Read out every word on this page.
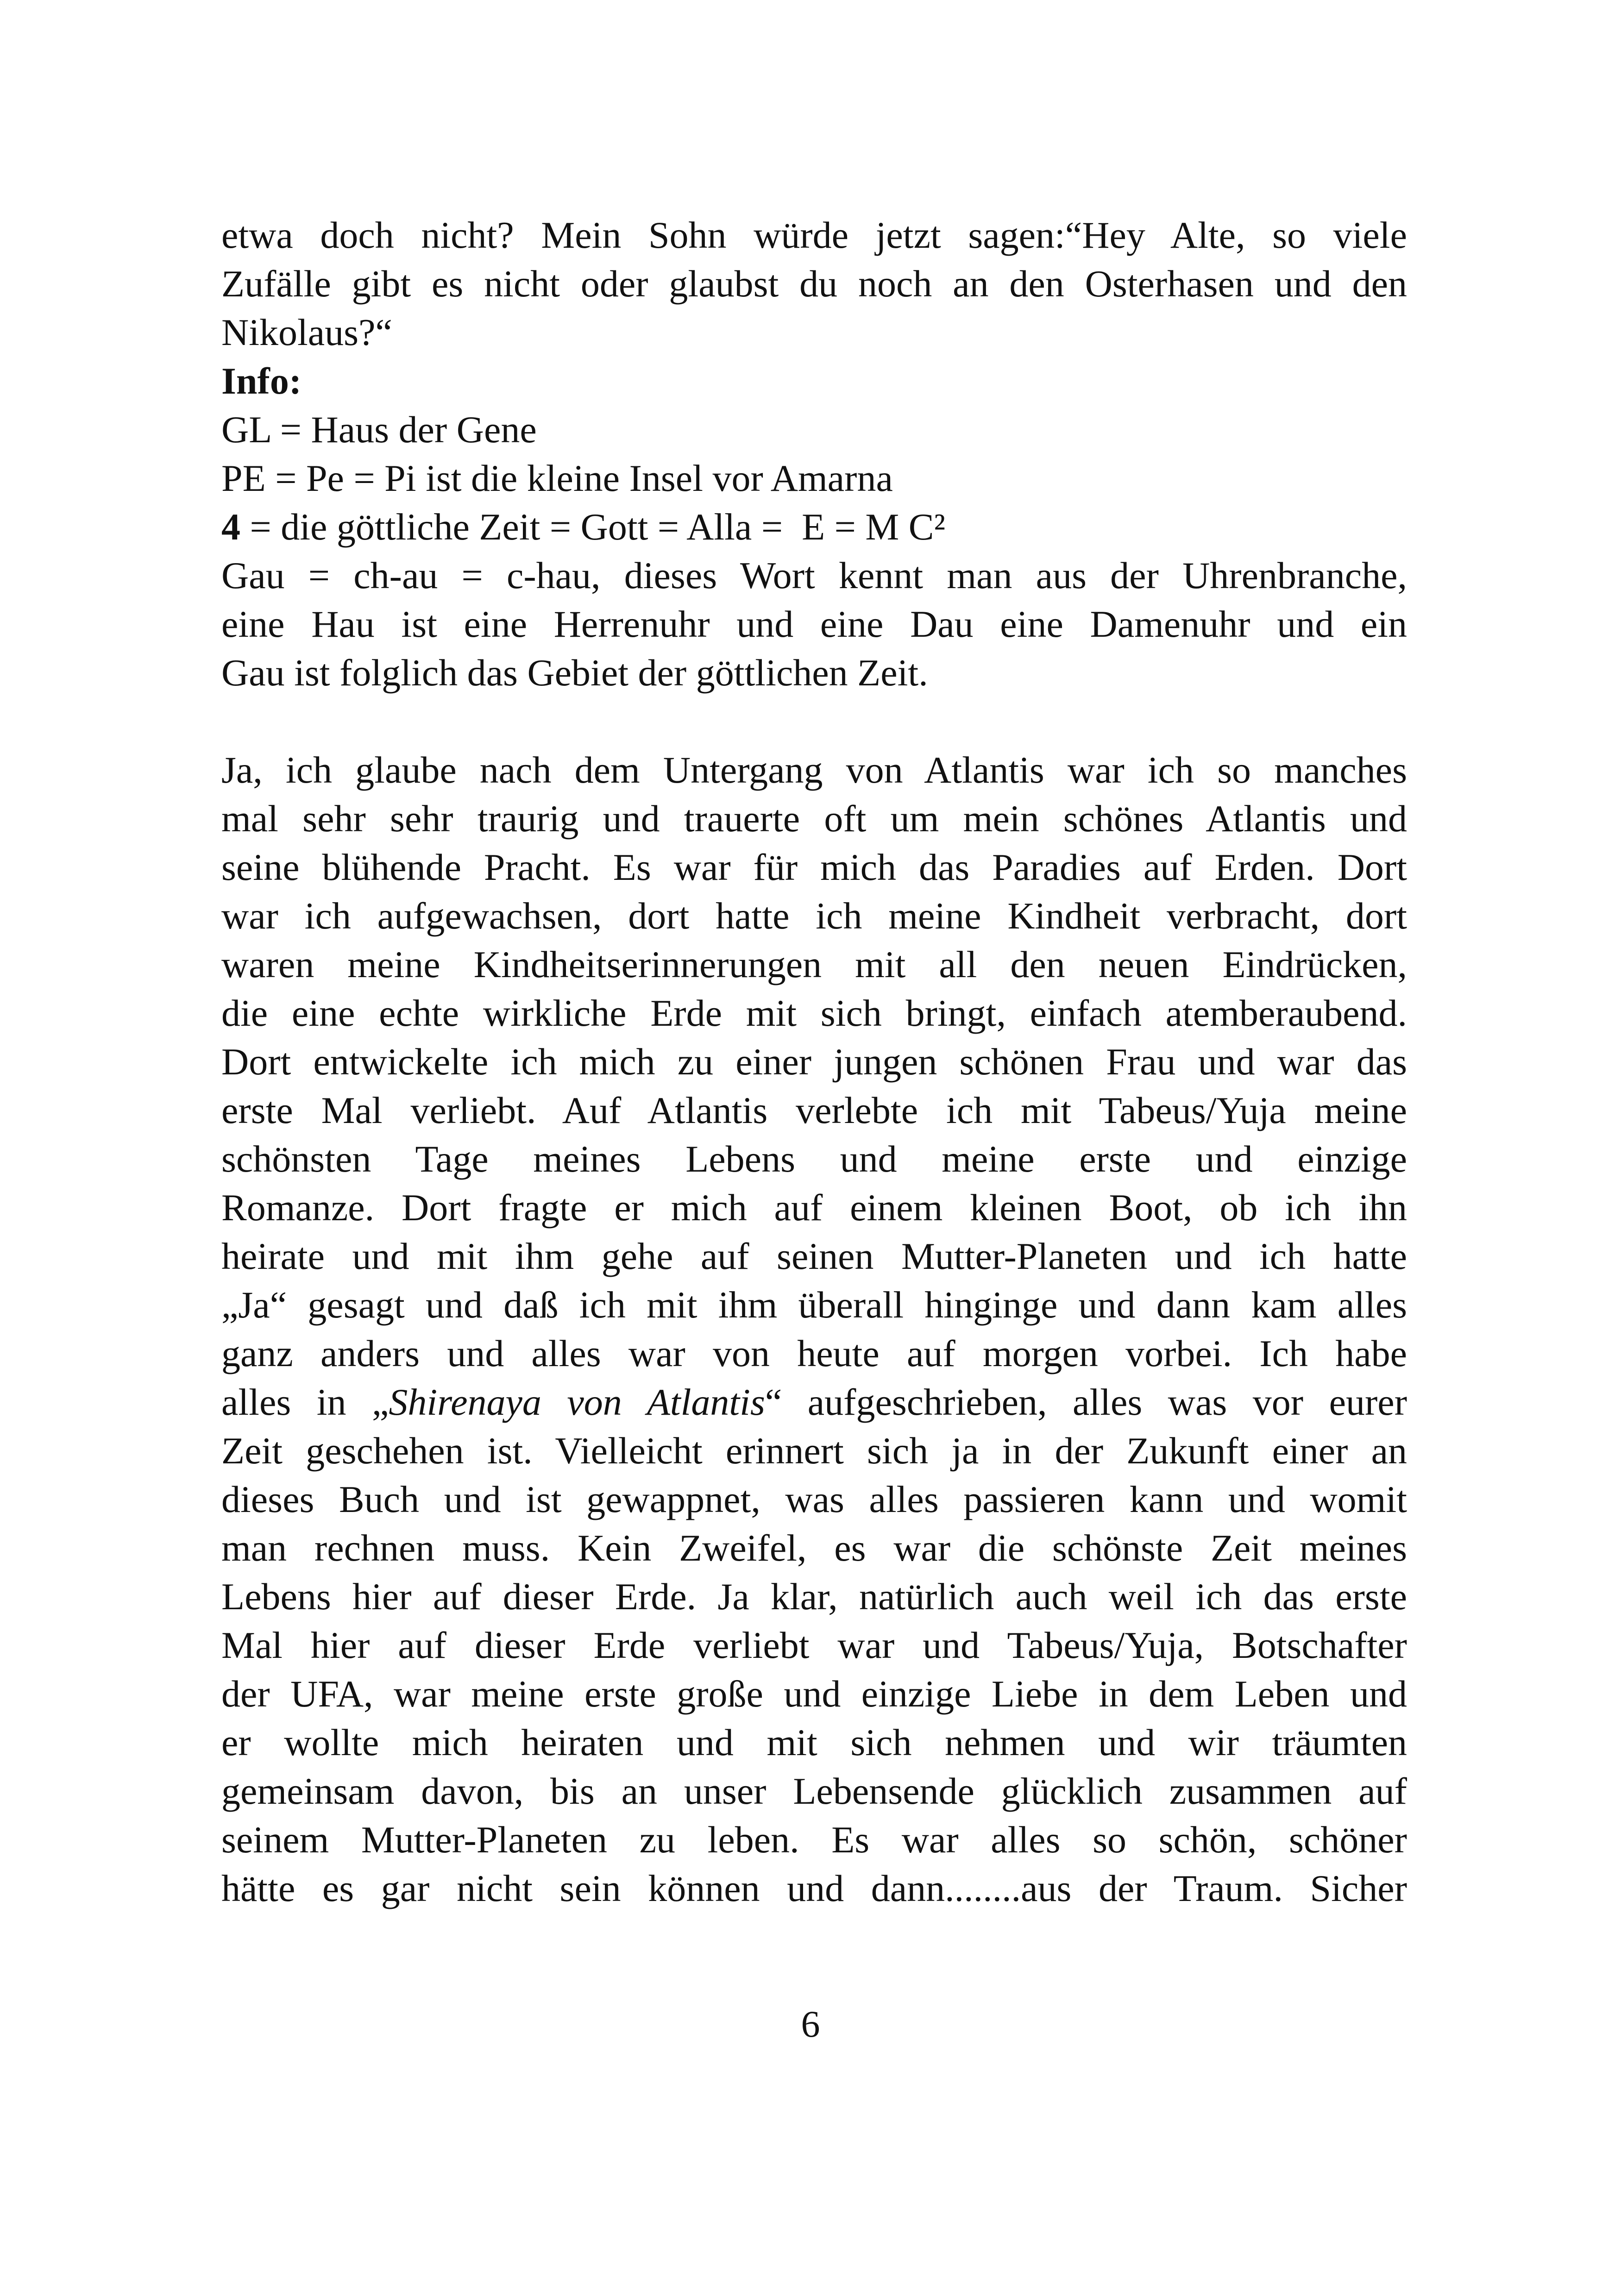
etwa doch nicht? Mein Sohn würde jetzt sagen:“Hey Alte, so viele
Zufälle gibt es nicht oder glaubst du noch an den Osterhasen und den
Nikolaus?“
Info:
GL = Haus der Gene
PE = Pe = Pi ist die kleine Insel vor Amarna
4 = die göttliche Zeit = Gott = Alla =  E = M C²
Gau = ch-au = c-hau, dieses Wort kennt man aus der Uhrenbranche,
eine Hau ist eine Herrenuhr und eine Dau eine Damenuhr und ein
Gau ist folglich das Gebiet der göttlichen Zeit.
Ja, ich glaube nach dem Untergang von Atlantis war ich so manches
mal sehr sehr traurig und trauerte oft um mein schönes Atlantis und
seine blühende Pracht. Es war für mich das Paradies auf Erden. Dort
war ich aufgewachsen, dort hatte ich meine Kindheit verbracht, dort
waren meine Kindheitserinnerungen mit all den neuen Eindrücken,
die eine echte wirkliche Erde mit sich bringt, einfach atemberaubend.
Dort entwickelte ich mich zu einer jungen schönen Frau und war das
erste Mal verliebt. Auf Atlantis verlebte ich mit Tabeus/Yuja meine
schönsten Tage meines Lebens und meine erste und einzige
Romanze. Dort fragte er mich auf einem kleinen Boot, ob ich ihn
heirate und mit ihm gehe auf seinen Mutter-Planeten und ich hatte
„Ja“ gesagt und daß ich mit ihm überall hinginge und dann kam alles
ganz anders und alles war von heute auf morgen vorbei. Ich habe
alles in „Shirenaya von Atlantis“ aufgeschrieben, alles was vor eurer
Zeit geschehen ist. Vielleicht erinnert sich ja in der Zukunft einer an
dieses Buch und ist gewappnet, was alles passieren kann und womit
man rechnen muss. Kein Zweifel, es war die schönste Zeit meines
Lebens hier auf dieser Erde. Ja klar, natürlich auch weil ich das erste
Mal hier auf dieser Erde verliebt war und Tabeus/Yuja, Botschafter
der UFA, war meine erste große und einzige Liebe in dem Leben und
er wollte mich heiraten und mit sich nehmen und wir träumten
gemeinsam davon, bis an unser Lebensende glücklich zusammen auf
seinem Mutter-Planeten zu leben. Es war alles so schön, schöner
hätte es gar nicht sein können und dann........aus der Traum. Sicher
6
